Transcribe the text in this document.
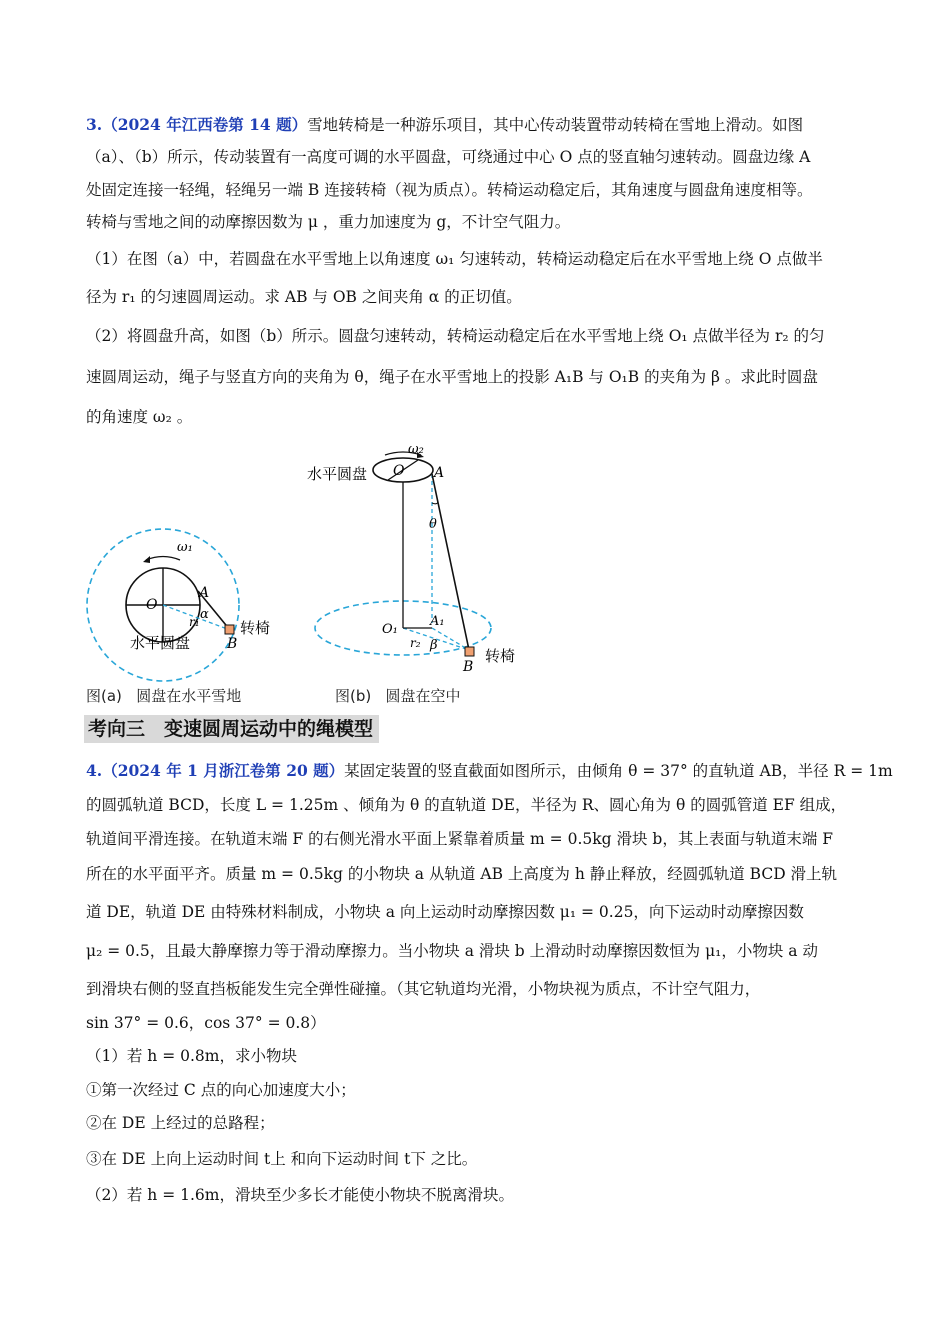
3.（2024 年江西卷第 14 题）雪地转椅是一种游乐项目，其中心传动装置带动转椅在雪地上滑动。如图
（a）、（b）所示，传动装置有一高度可调的水平圆盘，可绕通过中心 O 点的竖直轴匀速转动。圆盘边缘 A
处固定连接一轻绳，轻绳另一端 B 连接转椅（视为质点）。转椅运动稳定后，其角速度与圆盘角速度相等。
转椅与雪地之间的动摩擦因数为 μ ，重力加速度为 g，不计空气阻力。
（1）在图（a）中，若圆盘在水平雪地上以角速度 ω₁ 匀速转动，转椅运动稳定后在水平雪地上绕 O 点做半
径为 r₁ 的匀速圆周运动。求 AB 与 OB 之间夹角 α 的正切值。
（2）将圆盘升高，如图（b）所示。圆盘匀速转动，转椅运动稳定后在水平雪地上绕 O₁ 点做半径为 r₂ 的匀
速圆周运动，绳子与竖直方向的夹角为 θ，绳子在水平雪地上的投影 A₁B 与 O₁B 的夹角为 β 。求此时圆盘
的角速度 ω₂ 。
ω₁
A
O
α
r₁
B
转椅
水平圆盘
ω₂
水平圆盘 O A
θ
O₁
A₁
r₂ β
B
转椅
图(a) 圆盘在水平雪地	图(b) 圆盘在空中
考向三　变速圆周运动中的绳模型
4.（2024 年 1 月浙江卷第 20 题）某固定装置的竖直截面如图所示，由倾角 θ = 37° 的直轨道 AB，半径 R = 1m
的圆弧轨道 BCD，长度 L = 1.25m 、倾角为 θ 的直轨道 DE，半径为 R、圆心角为 θ 的圆弧管道 EF 组成，
轨道间平滑连接。在轨道末端 F 的右侧光滑水平面上紧靠着质量 m = 0.5kg 滑块 b，其上表面与轨道末端 F
所在的水平面平齐。质量 m = 0.5kg 的小物块 a 从轨道 AB 上高度为 h 静止释放，经圆弧轨道 BCD 滑上轨
道 DE，轨道 DE 由特殊材料制成，小物块 a 向上运动时动摩擦因数 μ₁ = 0.25，向下运动时动摩擦因数
μ₂ = 0.5，且最大静摩擦力等于滑动摩擦力。当小物块 a 滑块 b 上滑动时动摩擦因数恒为 μ₁，小物块 a 动
到滑块右侧的竖直挡板能发生完全弹性碰撞。（其它轨道均光滑，小物块视为质点，不计空气阻力，
sin 37° = 0.6，cos 37° = 0.8）
（1）若 h = 0.8m，求小物块
①第一次经过 C 点的向心加速度大小；
②在 DE 上经过的总路程；
③在 DE 上向上运动时间 t上 和向下运动时间 t下 之比。
（2）若 h = 1.6m，滑块至少多长才能使小物块不脱离滑块。
